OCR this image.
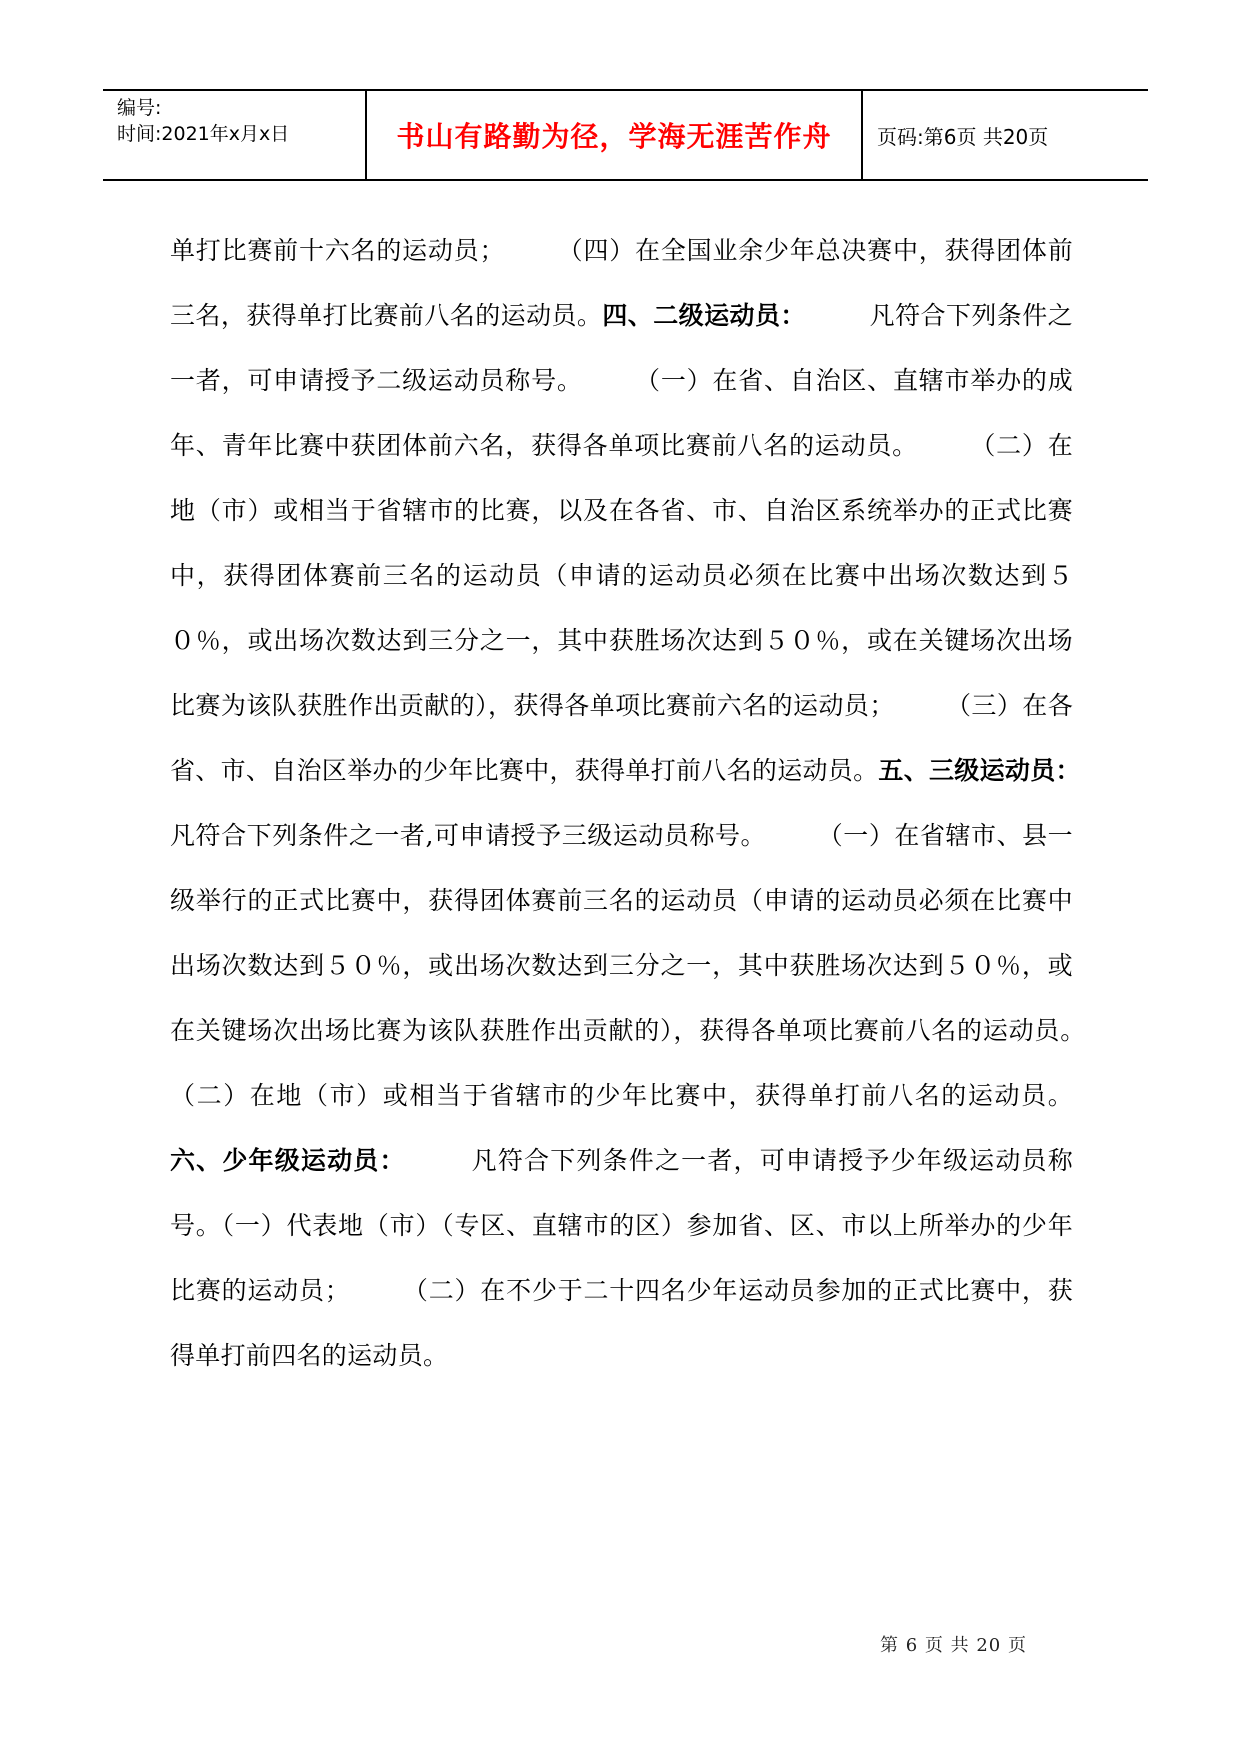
编号:
时间:2021年x月x日	书山有路勤为径，学海无涯苦作舟	页码:第6页 共20页

单打比赛前十六名的运动员；　　　（四）在全国业余少年总决赛中，获得团体前三名，获得单打比赛前八名的运动员。四、二级运动员：　　　凡符合下列条件之一者，可申请授予二级运动员称号。　　　（一）在省、自治区、直辖市举办的成年、青年比赛中获团体前六名，获得各单项比赛前八名的运动员。　　　（二）在地（市）或相当于省辖市的比赛，以及在各省、市、自治区系统举办的正式比赛中，获得团体赛前三名的运动员（申请的运动员必须在比赛中出场次数达到５０％，或出场次数达到三分之一，其中获胜场次达到５０％，或在关键场次出场比赛为该队获胜作出贡献的），获得各单项比赛前六名的运动员；　　　（三）在各省、市、自治区举办的少年比赛中，获得单打前八名的运动员。五、三级运动员：　　　凡符合下列条件之一者,可申请授予三级运动员称号。　　　（一）在省辖市、县一级举行的正式比赛中，获得团体赛前三名的运动员（申请的运动员必须在比赛中出场次数达到５０％，或出场次数达到三分之一，其中获胜场次达到５０％，或在关键场次出场比赛为该队获胜作出贡献的），获得各单项比赛前八名的运动员。　　　（二）在地（市）或相当于省辖市的少年比赛中，获得单打前八名的运动员。六、少年级运动员：　　　凡符合下列条件之一者，可申请授予少年级运动员称号。（一）代表地（市）（专区、直辖市的区）参加省、区、市以上所举办的少年比赛的运动员；　　　（二）在不少于二十四名少年运动员参加的正式比赛中，获得单打前四名的运动员。

第 6 页 共 20 页
